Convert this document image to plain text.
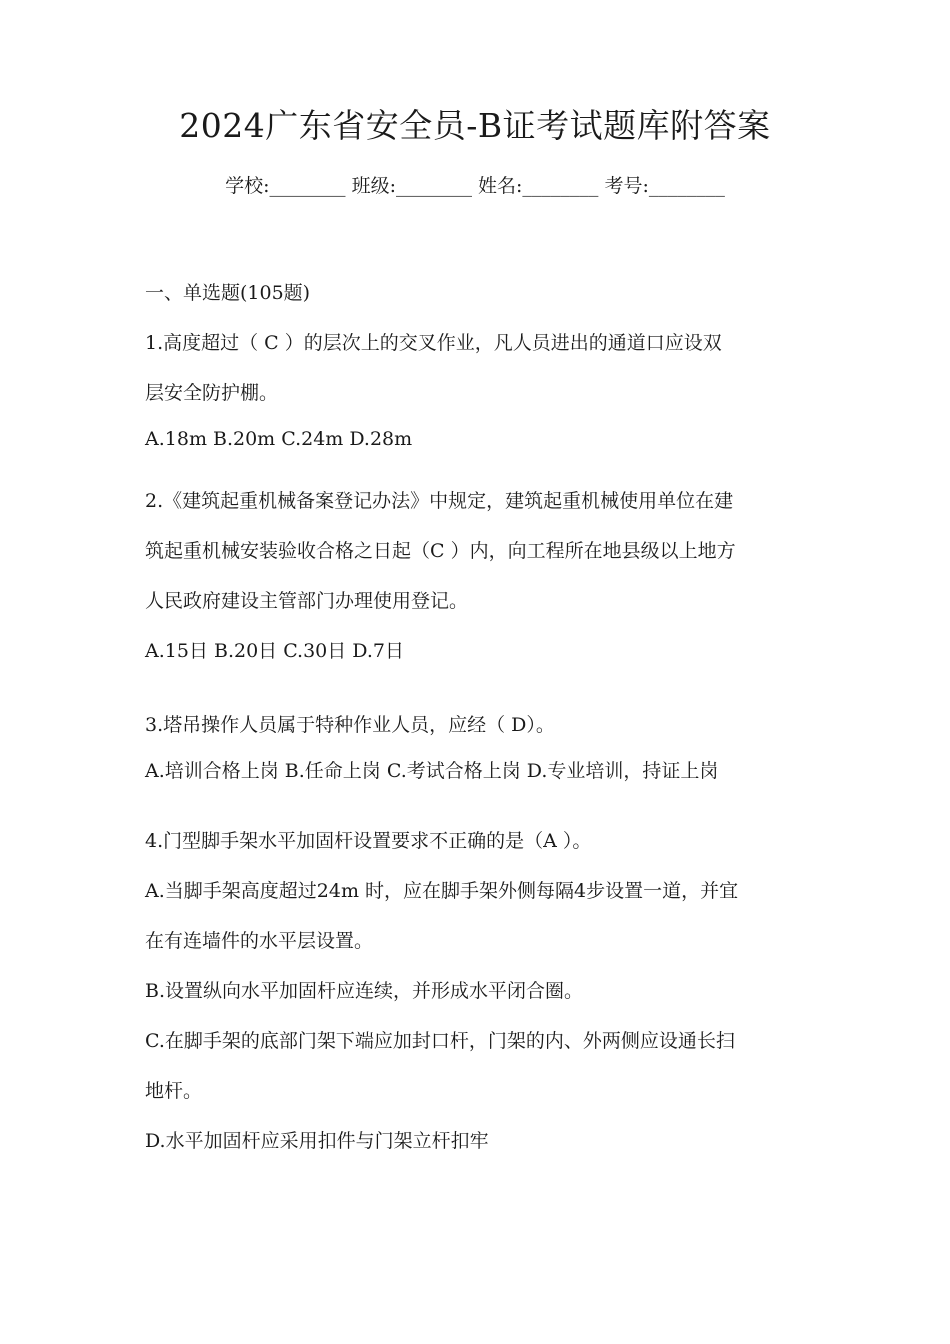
2024广东省安全员-B证考试题库附答案
学校:________ 班级:________ 姓名:________ 考号:________
一、单选题(105题)
1.高度超过（ C ）的层次上的交叉作业，凡人员进出的通道口应设双
层安全防护棚。
A.18m B.20m C.24m D.28m
2.《建筑起重机械备案登记办法》中规定，建筑起重机械使用单位在建
筑起重机械安装验收合格之日起（C ）内，向工程所在地县级以上地方
人民政府建设主管部门办理使用登记。
A.15日 B.20日 C.30日 D.7日
3.塔吊操作人员属于特种作业人员，应经（ D）。
A.培训合格上岗 B.任命上岗 C.考试合格上岗 D.专业培训，持证上岗
4.门型脚手架水平加固杆设置要求不正确的是（A ）。
A.当脚手架高度超过24m 时，应在脚手架外侧每隔4步设置一道，并宜
在有连墙件的水平层设置。
B.设置纵向水平加固杆应连续，并形成水平闭合圈。
C.在脚手架的底部门架下端应加封口杆，门架的内、外两侧应设通长扫
地杆。
D.水平加固杆应采用扣件与门架立杆扣牢
